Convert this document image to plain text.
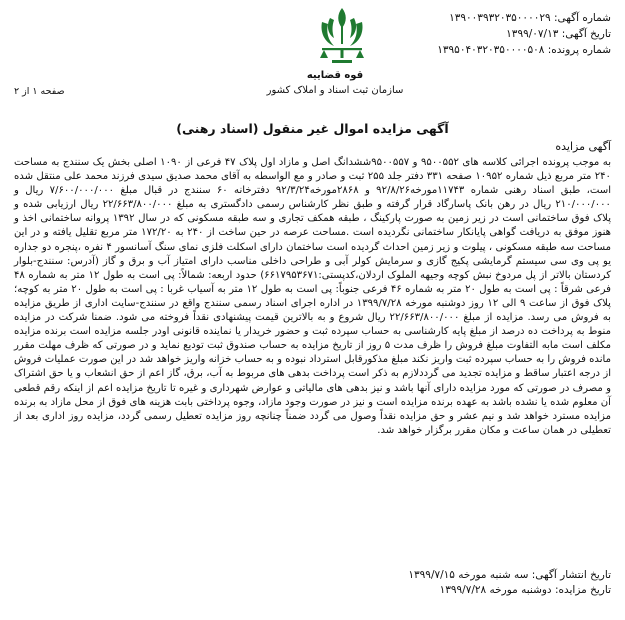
شماره آگهی: ۱۳۹۰۰۳۹۳۲۰۳۵۰۰۰۰۲۹
تاریخ آگهی: ۱۳۹۹/۰۷/۱۳
شماره پرونده: ۱۳۹۵۰۴۰۳۲۰۳۵۰۰۰۰۵۰۸
قوه قضاییه
سازمان ثبت اسناد و املاک کشور
صفحه ۱ از ۲
آگهی مزایده اموال غیر منقول (اسناد رهنی)
آگهی مزایده
به موجب پرونده اجرائی کلاسه های ۹۵۰۰۵۵۲ و ۹۵۰۰۵۵۷ششدانگ اصل و مازاد اول پلاک ۴۷ فرعی از ۱۰۹۰ اصلی بخش یک سنندج به مساحت ۲۴۰ متر مربع ذیل شماره ۱۰۹۵۲ صفحه ۳۳۱ دفتر جلد ۲۵۵ ثبت و صادر و مع الواسطه به آقای محمد صدیق سیدی فرزند محمد علی منتقل شده است، طبق اسناد رهنی شماره ۱۱۷۴۳مورخه۹۲/۸/۲۶ و ۲۸۶۸مورخه۹۲/۳/۲۴ دفترخانه ۶۰ سنندج در قبال مبلغ ۷/۶۰۰/۰۰۰/۰۰۰ ریال و ۲۱۰/۰۰۰/۰۰۰ ریال در رهن بانک پاسارگاد قرار گرفته و طبق نظر کارشناس رسمی دادگستری به مبلغ ۲۲/۶۶۳/۸۰۰/۰۰۰ ریال ارزیابی شده و پلاک فوق ساختمانی است در زیر زمین به صورت پارکینگ ، طبقه همکف تجاری و سه طبقه مسکونی که در سال ۱۳۹۲ پروانه ساختمانی اخذ و هنوز موفق به دریافت گواهی پایانکار ساختمانی نگردیده است .مساحت عرصه در حین ساخت از ۲۴۰ به ۱۷۲/۲۰ متر مربع تقلیل یافته و در این مساحت سه طبقه مسکونی ، پیلوت و زیر زمین احداث گردیده است ساختمان دارای اسکلت فلزی نمای سنگ آسانسور ۴ نفره ،پنجره دو جداره یو پی وی سی سیستم گرمایشی پکیج گازی و سرمایش کولر آبی و طراحی داخلی مناسب دارای امتیاز آب و برق و گاز (آدرس: سنندج-بلوار کردستان بالاتر از پل مردوخ نبش کوچه وجیهه الملوک اردلان،کدپستی:۶۶۱۷۹۵۳۶۷۱) حدود اربعه: شمالاً: پی است به طول ۱۲ متر به شماره ۴۸ فرعی شرقاً : پی است به طول ۲۰ متر به شماره ۴۶ فرعی جنوباً: پی است به طول ۱۲ متر به آسیاب غربا : پی است به طول ۲۰ متر به کوچه؛ پلاک فوق از ساعت ۹ الی ۱۲ روز دوشنبه مورخه ۱۳۹۹/۷/۲۸ در اداره اجرای اسناد رسمی سنندج واقع در سنندج-سایت اداری از طریق مزایده به فروش می رسد. مزایده از مبلغ ۲۲/۶۶۳/۸۰۰/۰۰۰ ریال شروع و به بالاترین قیمت پیشنهادی نقداً فروخته می شود. ضمنا شرکت در مزایده منوط به پرداخت ده درصد از مبلغ پایه کارشناسی به حساب سپرده ثبت و حضور خریدار یا نماینده قانونی اودر جلسه مزایده است برنده مزایده مکلف است مابه التفاوت مبلغ فروش را ظرف مدت ۵ روز از تاریخ مزایده به حساب صندوق ثبت تودیع نماید و در صورتی که ظرف مهلت مقرر مانده فروش را به حساب سپرده ثبت واریز نکند مبلغ مذکورقابل استرداد نبوده و به حساب خزانه واریز خواهد شد در این صورت عملیات فروش از درجه اعتبار ساقط و مزایده تجدید می گرددلازم به ذکر است پرداخت بدهی های مربوط به آب، برق، گاز اعم از حق انشعاب و یا حق اشتراک و مصرف در صورتی که مورد مزایده دارای آنها باشد و نیز بدهی های مالیاتی و عوارض شهرداری و غیره تا تاریخ مزایده اعم از اینکه رقم قطعی آن معلوم شده یا نشده باشد به عهده برنده مزایده است و نیز در صورت وجود مازاد، وجوه پرداختی بابت هزینه های فوق از محل مازاد به برنده مزایده مسترد خواهد شد و نیم عشر و حق مزایده نقداً وصول می گردد ضمناً چنانچه روز مزایده تعطیل رسمی گردد، مزایده روز اداری بعد از تعطیلی در همان ساعت و مکان مقرر برگزار خواهد شد.
تاریخ انتشار آگهی: سه شنبه مورخه ۱۳۹۹/۷/۱۵
تاریخ مزایده: دوشنبه مورخه ۱۳۹۹/۷/۲۸
